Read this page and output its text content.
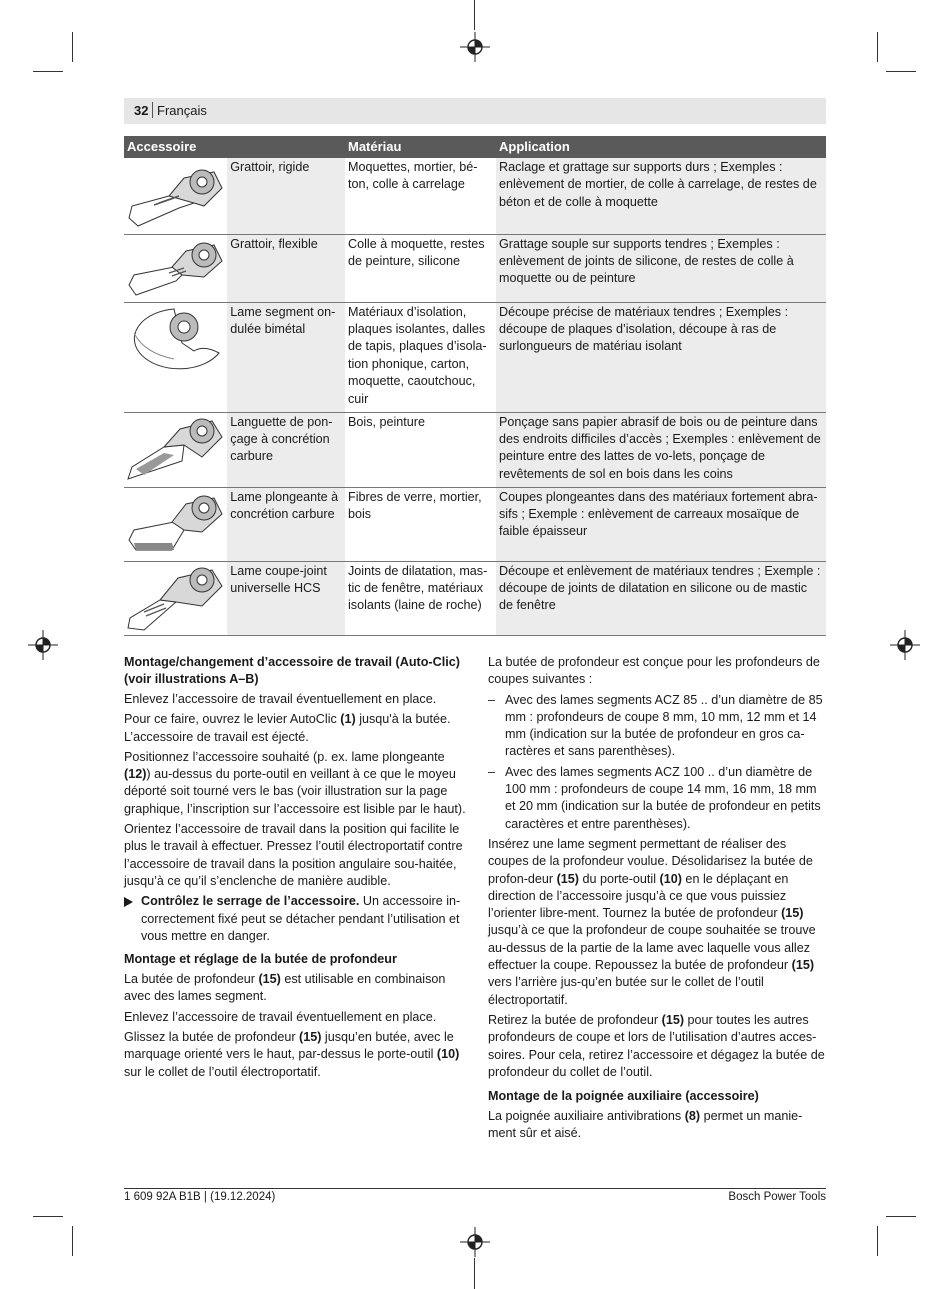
32 Français
Accessoire		Matériau	Application

	Grattoir, rigide	Moquettes, mortier, bé-ton, colle à carrelage	Raclage et grattage sur supports durs ; Exemples : enlèvement de mortier, de colle à carrelage, de restes de béton et de colle à moquette

	Grattoir, flexible	Colle à moquette, restes de peinture, silicone	Grattage souple sur supports tendres ; Exemples : enlèvement de joints de silicone, de restes de colle à moquette ou de peinture

	Lame segment on-dulée bimétal	Matériaux d’isolation, plaques isolantes, dalles de tapis, plaques d’isola-tion phonique, carton, moquette, caoutchouc, cuir	Découpe précise de matériaux tendres ; Exemples : découpe de plaques d’isolation, découpe à ras de surlongueurs de matériau isolant

	Languette de pon-çage à concrétion carbure	Bois, peinture	Ponçage sans papier abrasif de bois ou de peinture dans des endroits difficiles d’accès ; Exemples : enlèvement de peinture entre des lattes de vo-lets, ponçage de revêtements de sol en bois dans les coins

	Lame plongeante à concrétion carbure	Fibres de verre, mortier, bois	Coupes plongeantes dans des matériaux fortement abra-sifs ; Exemple : enlèvement de carreaux mosaïque de faible épaisseur

	Lame coupe-joint universelle HCS	Joints de dilatation, mas-tic de fenêtre, matériaux isolants (laine de roche)	Découpe et enlèvement de matériaux tendres ; Exemple : découpe de joints de dilatation en silicone ou de mastic de fenêtre
Montage/changement d’accessoire de travail (Auto-Clic) (voir illustrations A–B)

Enlevez l’accessoire de travail éventuellement en place.

Pour ce faire, ouvrez le levier AutoClic (1) jusqu'à la butée. L’accessoire de travail est éjecté.

Positionnez l’accessoire souhaité (p. ex. lame plongeante (12)) au-dessus du porte-outil en veillant à ce que le moyeu déporté soit tourné vers le bas (voir illustration sur la page graphique, l’inscription sur l’accessoire est lisible par le haut).

Orientez l’accessoire de travail dans la position qui facilite le plus le travail à effectuer. Pressez l’outil électroportatif contre l’accessoire de travail dans la position angulaire sou-haitée, jusqu’à ce qu’il s’enclenche de manière audible.

Contrôlez le serrage de l’accessoire. Un accessoire in-correctement fixé peut se détacher pendant l’utilisation et vous mettre en danger.
Montage et réglage de la butée de profondeur

La butée de profondeur (15) est utilisable en combinaison avec des lames segment.

Enlevez l’accessoire de travail éventuellement en place.

Glissez la butée de profondeur (15) jusqu’en butée, avec le marquage orienté vers le haut, par-dessus le porte-outil (10) sur le collet de l’outil électroportatif.

La butée de profondeur est conçue pour les profondeurs de coupes suivantes :

– Avec des lames segments ACZ 85 .. d’un diamètre de 85 mm : profondeurs de coupe 8 mm, 10 mm, 12 mm et 14 mm (indication sur la butée de profondeur en gros ca-ractères et sans parenthèses).
– Avec des lames segments ACZ 100 .. d’un diamètre de 100 mm : profondeurs de coupe 14 mm, 16 mm, 18 mm et 20 mm (indication sur la butée de profondeur en petits caractères et entre parenthèses).

Insérez une lame segment permettant de réaliser des coupes de la profondeur voulue. Désolidarisez la butée de profon-deur (15) du porte-outil (10) en le déplaçant en direction de l’accessoire jusqu’à ce que vous puissiez l’orienter libre-ment. Tournez la butée de profondeur (15) jusqu’à ce que la profondeur de coupe souhaitée se trouve au-dessus de la partie de la lame avec laquelle vous allez effectuer la coupe. Repoussez la butée de profondeur (15) vers l’arrière jus-qu’en butée sur le collet de l’outil électroportatif.

Retirez la butée de profondeur (15) pour toutes les autres profondeurs de coupe et lors de l’utilisation d’autres acces-soires. Pour cela, retirez l’accessoire et dégagez la butée de profondeur du collet de l’outil.

Montage de la poignée auxiliaire (accessoire)

La poignée auxiliaire antivibrations (8) permet un manie-ment sûr et aisé.

1 609 92A B1B | (19.12.2024)	Bosch Power Tools
